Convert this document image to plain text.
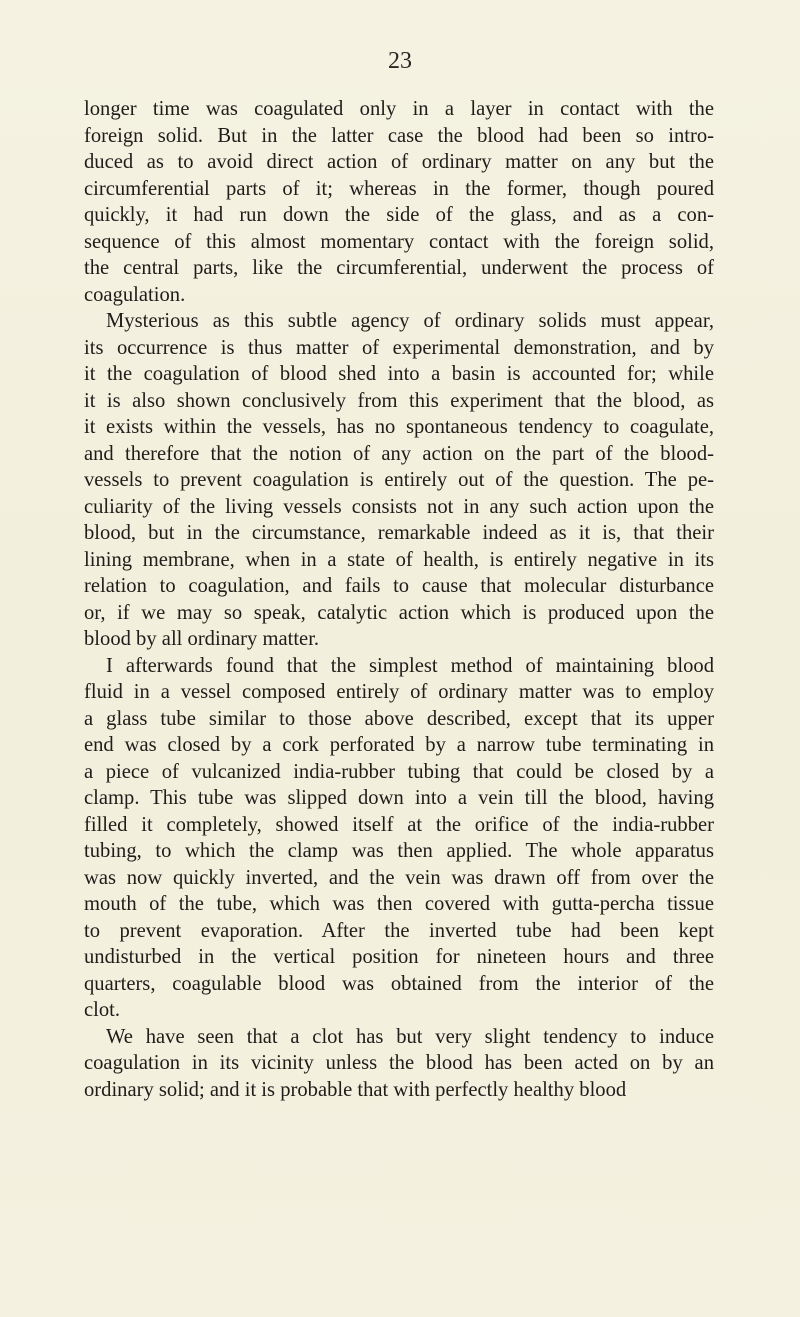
23
longer time was coagulated only in a layer in contact with the
foreign solid. But in the latter case the blood had been so intro-
duced as to avoid direct action of ordinary matter on any but the
circumferential parts of it; whereas in the former, though poured
quickly, it had run down the side of the glass, and as a con-
sequence of this almost momentary contact with the foreign solid,
the central parts, like the circumferential, underwent the process of
coagulation.
Mysterious as this subtle agency of ordinary solids must appear,
its occurrence is thus matter of experimental demonstration, and by
it the coagulation of blood shed into a basin is accounted for; while
it is also shown conclusively from this experiment that the blood, as
it exists within the vessels, has no spontaneous tendency to coagulate,
and therefore that the notion of any action on the part of the blood-
vessels to prevent coagulation is entirely out of the question. The pe-
culiarity of the living vessels consists not in any such action upon the
blood, but in the circumstance, remarkable indeed as it is, that their
lining membrane, when in a state of health, is entirely negative in its
relation to coagulation, and fails to cause that molecular disturbance
or, if we may so speak, catalytic action which is produced upon the
blood by all ordinary matter.
I afterwards found that the simplest method of maintaining blood
fluid in a vessel composed entirely of ordinary matter was to employ
a glass tube similar to those above described, except that its upper
end was closed by a cork perforated by a narrow tube terminating in
a piece of vulcanized india-rubber tubing that could be closed by a
clamp. This tube was slipped down into a vein till the blood, having
filled it completely, showed itself at the orifice of the india-rubber
tubing, to which the clamp was then applied. The whole apparatus
was now quickly inverted, and the vein was drawn off from over the
mouth of the tube, which was then covered with gutta-percha tissue
to prevent evaporation. After the inverted tube had been kept
undisturbed in the vertical position for nineteen hours and three
quarters, coagulable blood was obtained from the interior of the
clot.
We have seen that a clot has but very slight tendency to induce
coagulation in its vicinity unless the blood has been acted on by an
ordinary solid; and it is probable that with perfectly healthy blood
